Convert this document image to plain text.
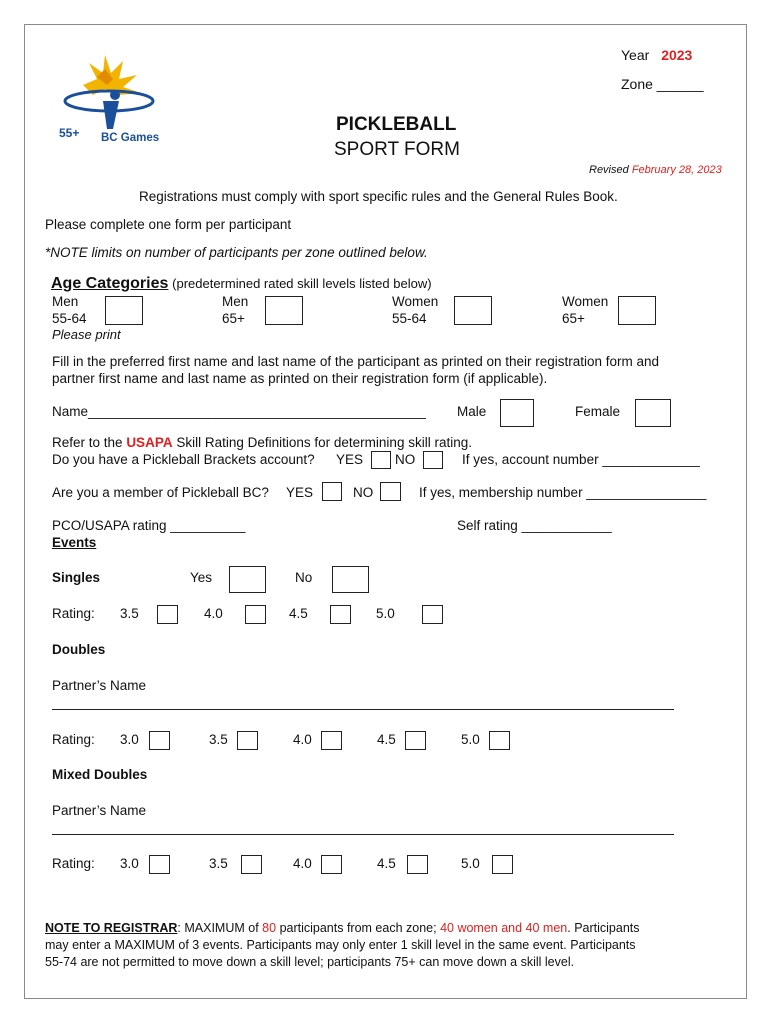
55+ BC Games
Year 2023
Zone ______
PICKLEBALL
SPORT FORM
Revised February 28, 2023
Registrations must comply with sport specific rules and the General Rules Book.
Please complete one form per participant
*NOTE limits on number of participants per zone outlined below.
Age Categories (predetermined rated skill levels listed below)
Men
55-64
Men
65+
Women
55-64
Women
65+
Please print
Fill in the preferred first name and last name of the participant as printed on their registration form and
partner first name and last name as printed on their registration form (if applicable).
Name_____________________________________________ Male	Female
Refer to the USAPA Skill Rating Definitions for determining skill rating.
Do you have a Pickleball Brackets account? YES NO	If yes, account number _____________
Are you a member of Pickleball BC? YES	NO	If yes, membership number ________________
PCO/USAPA rating __________	Self rating ____________
Events
Singles	Yes	No
Rating: 3.5	4.0	4.5	5.0
Doubles
Partner’s Name
Rating: 3.0	3.5	4.0	4.5	5.0
Mixed Doubles
Partner’s Name
Rating: 3.0	3.5	4.0	4.5	5.0
NOTE TO REGISTRAR: MAXIMUM of 80 participants from each zone; 40 women and 40 men. Participants
may enter a MAXIMUM of 3 events. Participants may only enter 1 skill level in the same event. Participants
55-74 are not permitted to move down a skill level; participants 75+ can move down a skill level.
